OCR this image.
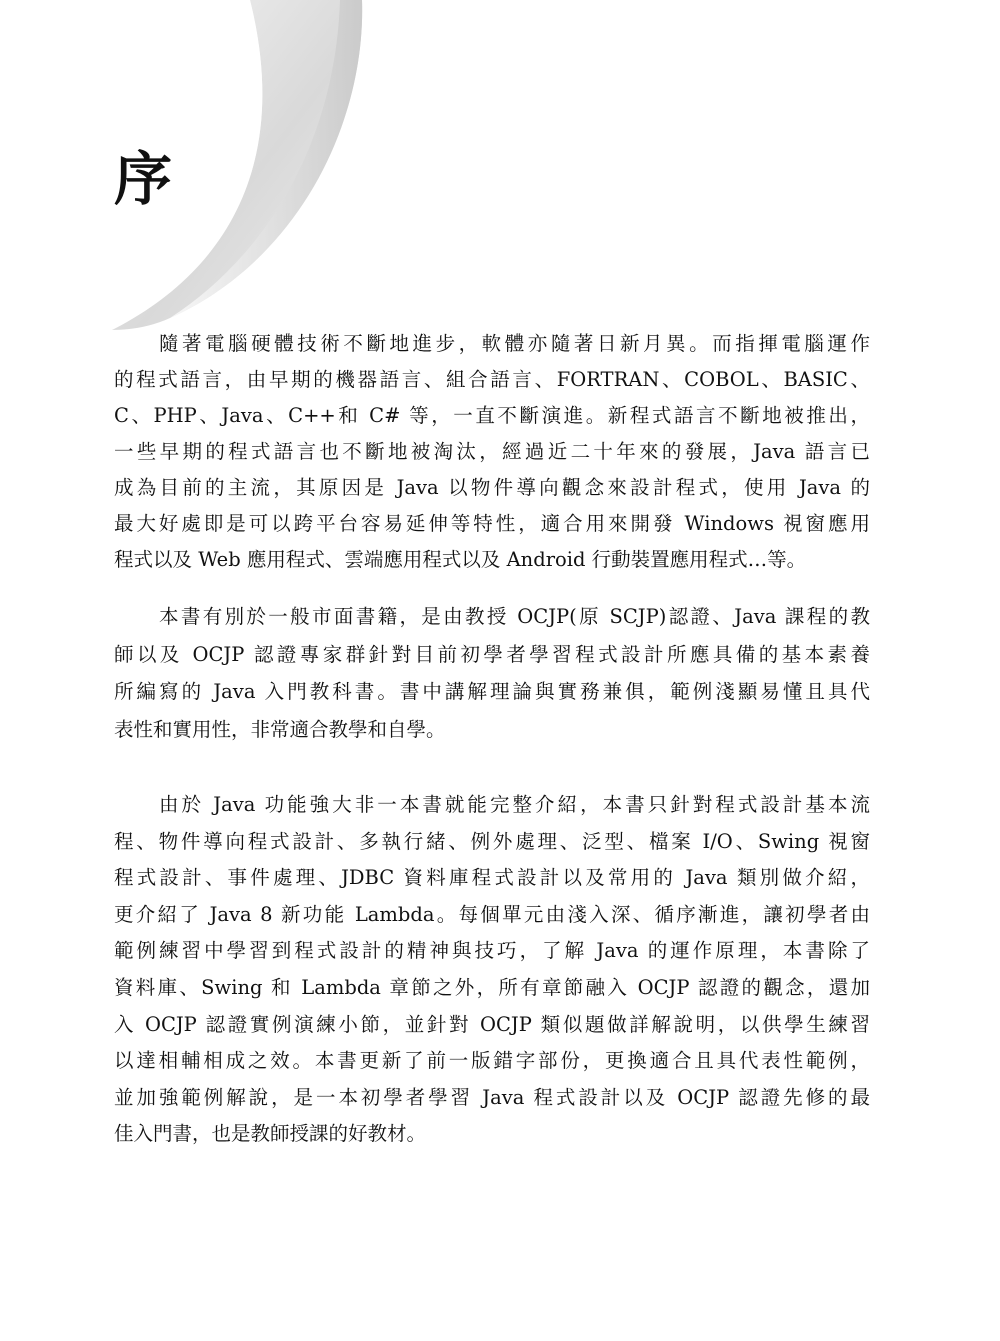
序
隨著電腦硬體技術不斷地進步，軟體亦隨著日新月異。而指揮電腦運作
的程式語言，由早期的機器語言、組合語言、FORTRAN、COBOL、BASIC、
C、PHP、Java、C++和 C# 等，一直不斷演進。新程式語言不斷地被推出，
一些早期的程式語言也不斷地被淘汰，經過近二十年來的發展，Java 語言已
成為目前的主流，其原因是 Java 以物件導向觀念來設計程式，使用 Java 的
最大好處即是可以跨平台容易延伸等特性，適合用來開發 Windows 視窗應用
程式以及 Web 應用程式、雲端應用程式以及 Android 行動裝置應用程式…等。
本書有別於一般市面書籍，是由教授 OCJP(原 SCJP)認證、Java 課程的教
師以及 OCJP 認證專家群針對目前初學者學習程式設計所應具備的基本素養
所編寫的 Java 入門教科書。書中講解理論與實務兼俱，範例淺顯易懂且具代
表性和實用性，非常適合教學和自學。
由於 Java 功能強大非一本書就能完整介紹，本書只針對程式設計基本流
程、物件導向程式設計、多執行緒、例外處理、泛型、檔案 I/O、Swing 視窗
程式設計、事件處理、JDBC 資料庫程式設計以及常用的 Java 類別做介紹，
更介紹了 Java 8 新功能 Lambda。每個單元由淺入深、循序漸進，讓初學者由
範例練習中學習到程式設計的精神與技巧，了解 Java 的運作原理，本書除了
資料庫、Swing 和 Lambda 章節之外，所有章節融入 OCJP 認證的觀念，還加
入 OCJP 認證實例演練小節，並針對 OCJP 類似題做詳解說明，以供學生練習
以達相輔相成之效。本書更新了前一版錯字部份，更換適合且具代表性範例，
並加強範例解說，是一本初學者學習 Java 程式設計以及 OCJP 認證先修的最
佳入門書，也是教師授課的好教材。
